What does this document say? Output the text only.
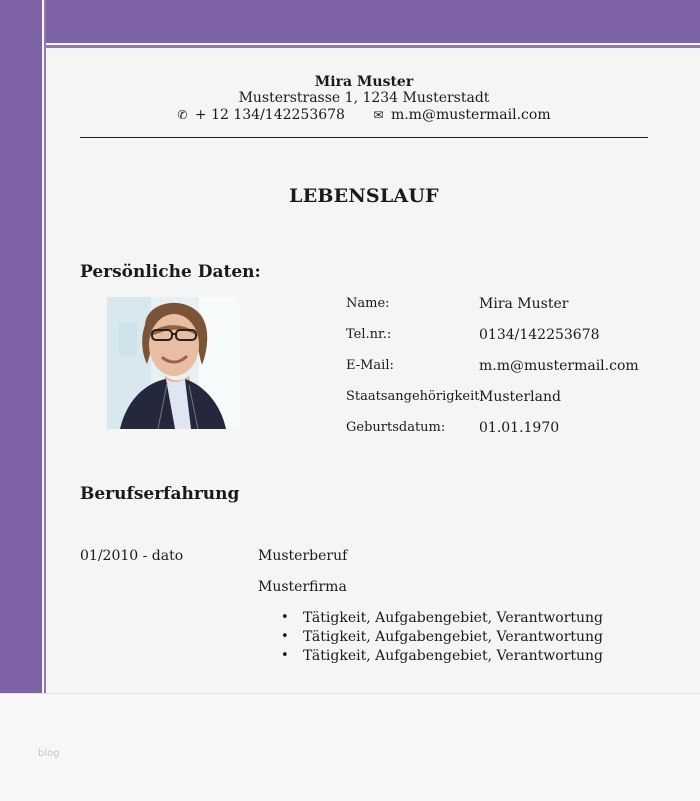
Mira Muster
Musterstrasse 1, 1234 Musterstadt
✆ + 12 134/142253678 ✉ m.m@mustermail.com
LEBENSLAUF
Persönliche Daten:
Name:	Mira Muster
Tel.nr.:	0134/142253678
E-Mail:	m.m@mustermail.com
Staatsangehörigkeit:
Musterland
Geburtsdatum: 01.01.1970
Berufserfahrung
01/2010 - dato	Musterberuf
Musterfirma
• Tätigkeit, Aufgabengebiet, Verantwortung
• Tätigkeit, Aufgabengebiet, Verantwortung
• Tätigkeit, Aufgabengebiet, Verantwortung
blog
